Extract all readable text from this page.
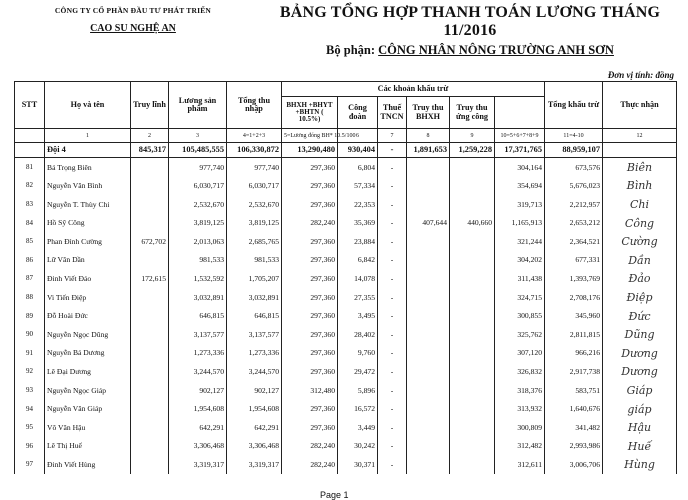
CÔNG TY CỔ PHẦN ĐẦU TƯ PHÁT TRIỂN
CAO SU NGHỆ AN
BẢNG TỔNG HỢP THANH TOÁN LƯƠNG THÁNG 11/2016
Bộ phận: CÔNG NHÂN NÔNG TRƯỜNG ANH SƠN
Đơn vị tính: đồng
STT	Họ và tên	Truy lĩnh	Lương sản phẩm	Tổng thu nhập	Các khoản khấu trừ						Tổng khấu trừ	Thực nhận	
					BHXH +BHYT +BHTN ( 10.5%)	Công đoàn	Thuế TNCN	Truy thu BHXH	Truy thu ứng công				
	1	2	3	4=1+2+3	5=Lương đóng BH* 10.5/100	6	7	8	9	10=5+6+7+8+9	11=4-10	12	
	Đội 4	845,317	105,485,555	106,330,872	13,290,480	930,404	-	1,891,653	1,259,228	17,371,765	88,959,107		
81	Bá Trọng Biên		977,740	977,740	297,360	6,804	-			304,164	673,576	Biên	
82	Nguyễn Văn Bình		6,030,717	6,030,717	297,360	57,334	-			354,694	5,676,023	Bình	
83	Nguyễn T. Thùy Chi		2,532,670	2,532,670	297,360	22,353	-			319,713	2,212,957	Chi	
84	Hồ Sỹ Công		3,819,125	3,819,125	282,240	35,369	-	407,644	440,660	1,165,913	2,653,212	Công	
85	Phan Đình Cường	672,702	2,013,063	2,685,765	297,360	23,884	-			321,244	2,364,521	Cường	
86	Lữ Văn Dần		981,533	981,533	297,360	6,842	-			304,202	677,331	Dần	
87	Đinh Viết Đảo	172,615	1,532,592	1,705,207	297,360	14,078	-			311,438	1,393,769	Đảo	
88	Vi Tiến Điệp		3,032,891	3,032,891	297,360	27,355	-			324,715	2,708,176	Điệp	
89	Đỗ Hoài Đức		646,815	646,815	297,360	3,495	-			300,855	345,960	Đức	
90	Nguyễn Ngọc Dũng		3,137,577	3,137,577	297,360	28,402	-			325,762	2,811,815	Dũng	
91	Nguyễn Bá Dương		1,273,336	1,273,336	297,360	9,760	-			307,120	966,216	Dương	
92	Lê Đại Dương		3,244,570	3,244,570	297,360	29,472	-			326,832	2,917,738	Dương	
93	Nguyễn Ngọc Giáp		902,127	902,127	312,480	5,896	-			318,376	583,751	Giáp	
94	Nguyễn Văn Giáp		1,954,608	1,954,608	297,360	16,572	-			313,932	1,640,676	giáp	
95	Võ Văn Hậu		642,291	642,291	297,360	3,449	-			300,809	341,482	Hậu	
96	Lê Thị Huế		3,306,468	3,306,468	282,240	30,242	-			312,482	2,993,986	Huế	
97	Đinh Viết Hùng		3,319,317	3,319,317	282,240	30,371	-			312,611	3,006,706	Hùng	
Page 1
